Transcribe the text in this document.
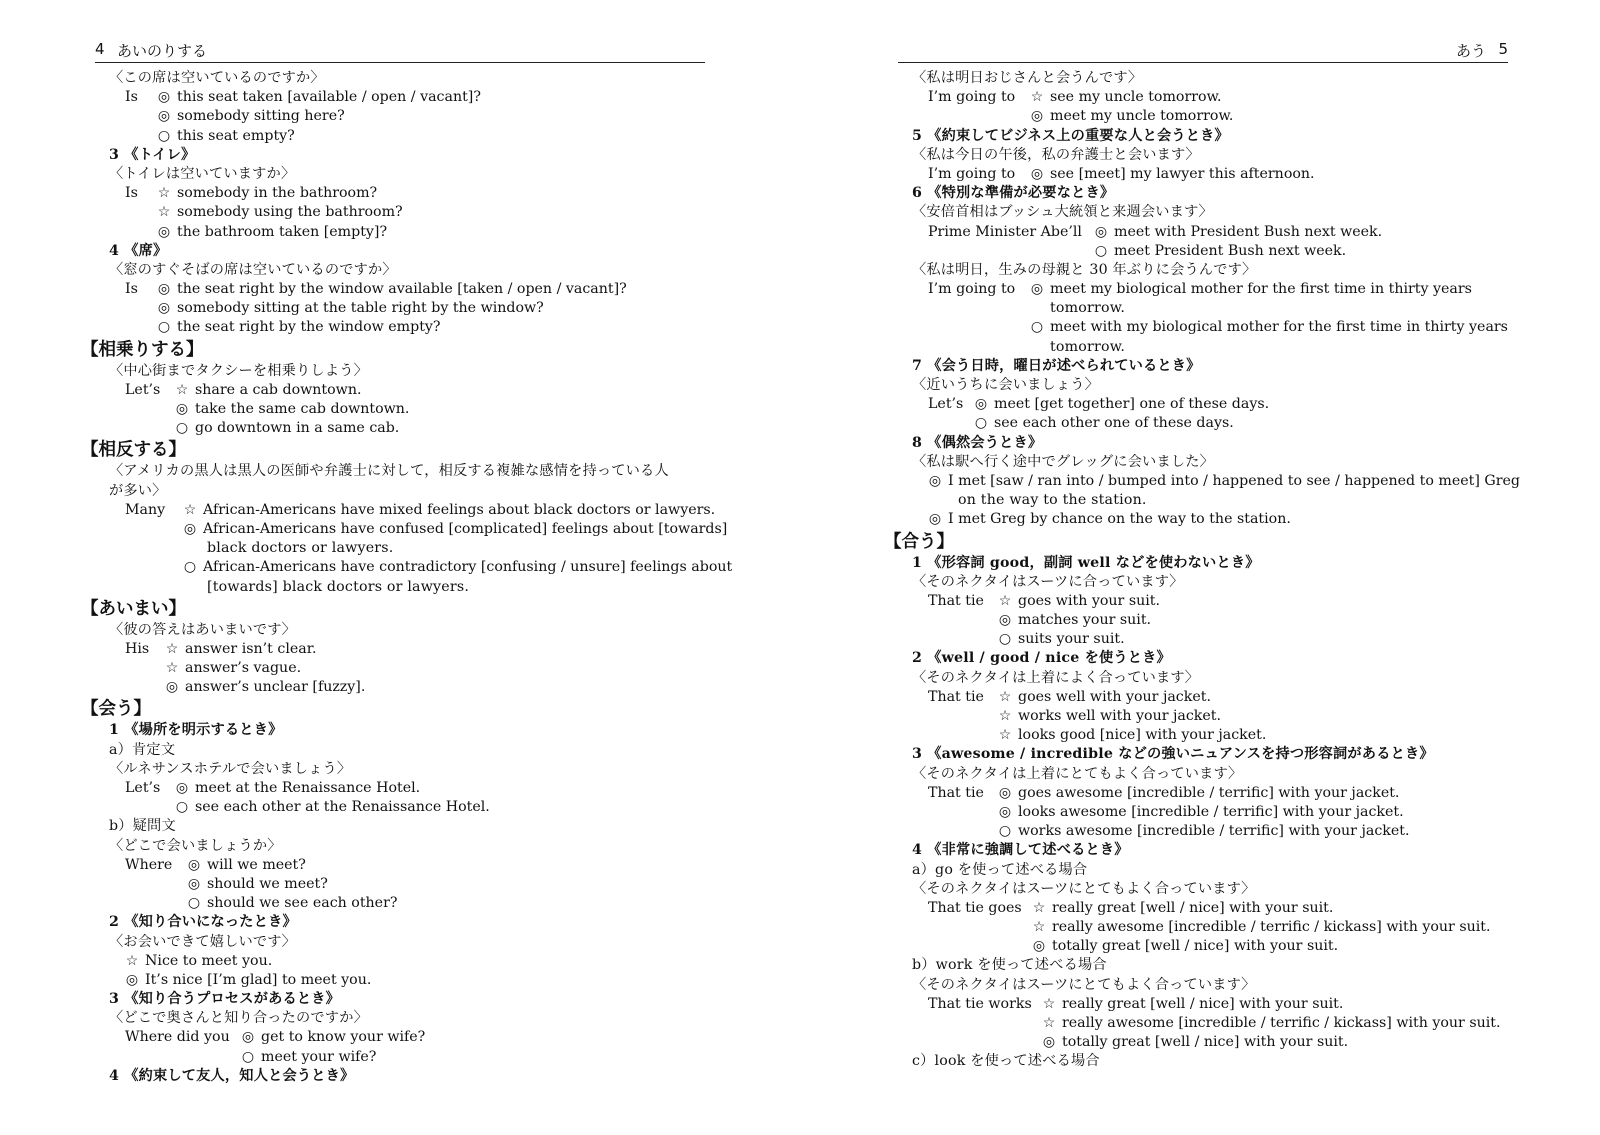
4 あいのりする
〈この席は空いているのですか〉
Is	◎ this seat taken [available / open / vacant]?
◎ somebody sitting here?
○ this seat empty?
3 《トイレ》
〈トイレは空いていますか〉
Is	☆ somebody in the bathroom?
☆ somebody using the bathroom?
◎ the bathroom taken [empty]?
4 《席》
〈窓のすぐそばの席は空いているのですか〉
Is	◎ the seat right by the window available [taken / open / vacant]?
◎ somebody sitting at the table right by the window?
○ the seat right by the window empty?
【相乗りする】
〈中心街までタクシーを相乗りしよう〉
Let’s	☆ share a cab downtown.
◎ take the same cab downtown.
○ go downtown in a same cab.
【相反する】
〈アメリカの黒人は黒人の医師や弁護士に対して，相反する複雑な感情を持っている人
が多い〉
Many	☆ African-Americans have mixed feelings about black doctors or lawyers.
◎ African-Americans have confused [complicated] feelings about [towards]
black doctors or lawyers.
○ African-Americans have contradictory [confusing / unsure] feelings about
[towards] black doctors or lawyers.
【あいまい】
〈彼の答えはあいまいです〉
His	☆ answer isn’t clear.
☆ answer’s vague.
◎ answer’s unclear [fuzzy].
【会う】
1 《場所を明示するとき》
a）肯定文
〈ルネサンスホテルで会いましょう〉
Let’s	◎ meet at the Renaissance Hotel.
○ see each other at the Renaissance Hotel.
b）疑問文
〈どこで会いましょうか〉
Where	◎ will we meet?
◎ should we meet?
○ should we see each other?
2 《知り合いになったとき》
〈お会いできて嬉しいです〉
☆ Nice to meet you.
◎ It’s nice [I’m glad] to meet you.
3 《知り合うプロセスがあるとき》
〈どこで奥さんと知り合ったのですか〉
Where did you ◎ get to know your wife?
○ meet your wife?
4 《約束して友人，知人と会うとき》
あう 5
〈私は明日おじさんと会うんです〉
I’m going to	☆ see my uncle tomorrow.
◎ meet my uncle tomorrow.
5 《約束してビジネス上の重要な人と会うとき》
〈私は今日の午後，私の弁護士と会います〉
I’m going to	◎ see [meet] my lawyer this afternoon.
6 《特別な準備が必要なとき》
〈安倍首相はブッシュ大統領と来週会います〉
Prime Minister Abe’ll ◎ meet with President Bush next week.
○ meet President Bush next week.
〈私は明日，生みの母親と 30 年ぶりに会うんです〉
I’m going to	◎ meet my biological mother for the first time in thirty years
tomorrow.
○ meet with my biological mother for the first time in thirty years
tomorrow.
7 《会う日時，曜日が述べられているとき》
〈近いうちに会いましょう〉
Let’s ◎ meet [get together] one of these days.
○ see each other one of these days.
8 《偶然会うとき》
〈私は駅へ行く途中でグレッグに会いました〉
◎ I met [saw / ran into / bumped into / happened to see / happened to meet] Greg
on the way to the station.
◎ I met Greg by chance on the way to the station.
【合う】
1 《形容詞 good，副詞 well などを使わないとき》
〈そのネクタイはスーツに合っています〉
That tie	☆ goes with your suit.
◎ matches your suit.
○ suits your suit.
2 《well / good / nice を使うとき》
〈そのネクタイは上着によく合っています〉
That tie	☆ goes well with your jacket.
☆ works well with your jacket.
☆ looks good [nice] with your jacket.
3 《awesome / incredible などの強いニュアンスを持つ形容詞があるとき》
〈そのネクタイは上着にとてもよく合っています〉
That tie	◎ goes awesome [incredible / terrific] with your jacket.
◎ looks awesome [incredible / terrific] with your jacket.
○ works awesome [incredible / terrific] with your jacket.
4 《非常に強調して述べるとき》
a）go を使って述べる場合
〈そのネクタイはスーツにとてもよく合っています〉
That tie goes ☆ really great [well / nice] with your suit.
☆ really awesome [incredible / terrific / kickass] with your suit.
◎ totally great [well / nice] with your suit.
b）work を使って述べる場合
〈そのネクタイはスーツにとてもよく合っています〉
That tie works ☆ really great [well / nice] with your suit.
☆ really awesome [incredible / terrific / kickass] with your suit.
◎ totally great [well / nice] with your suit.
c）look を使って述べる場合
